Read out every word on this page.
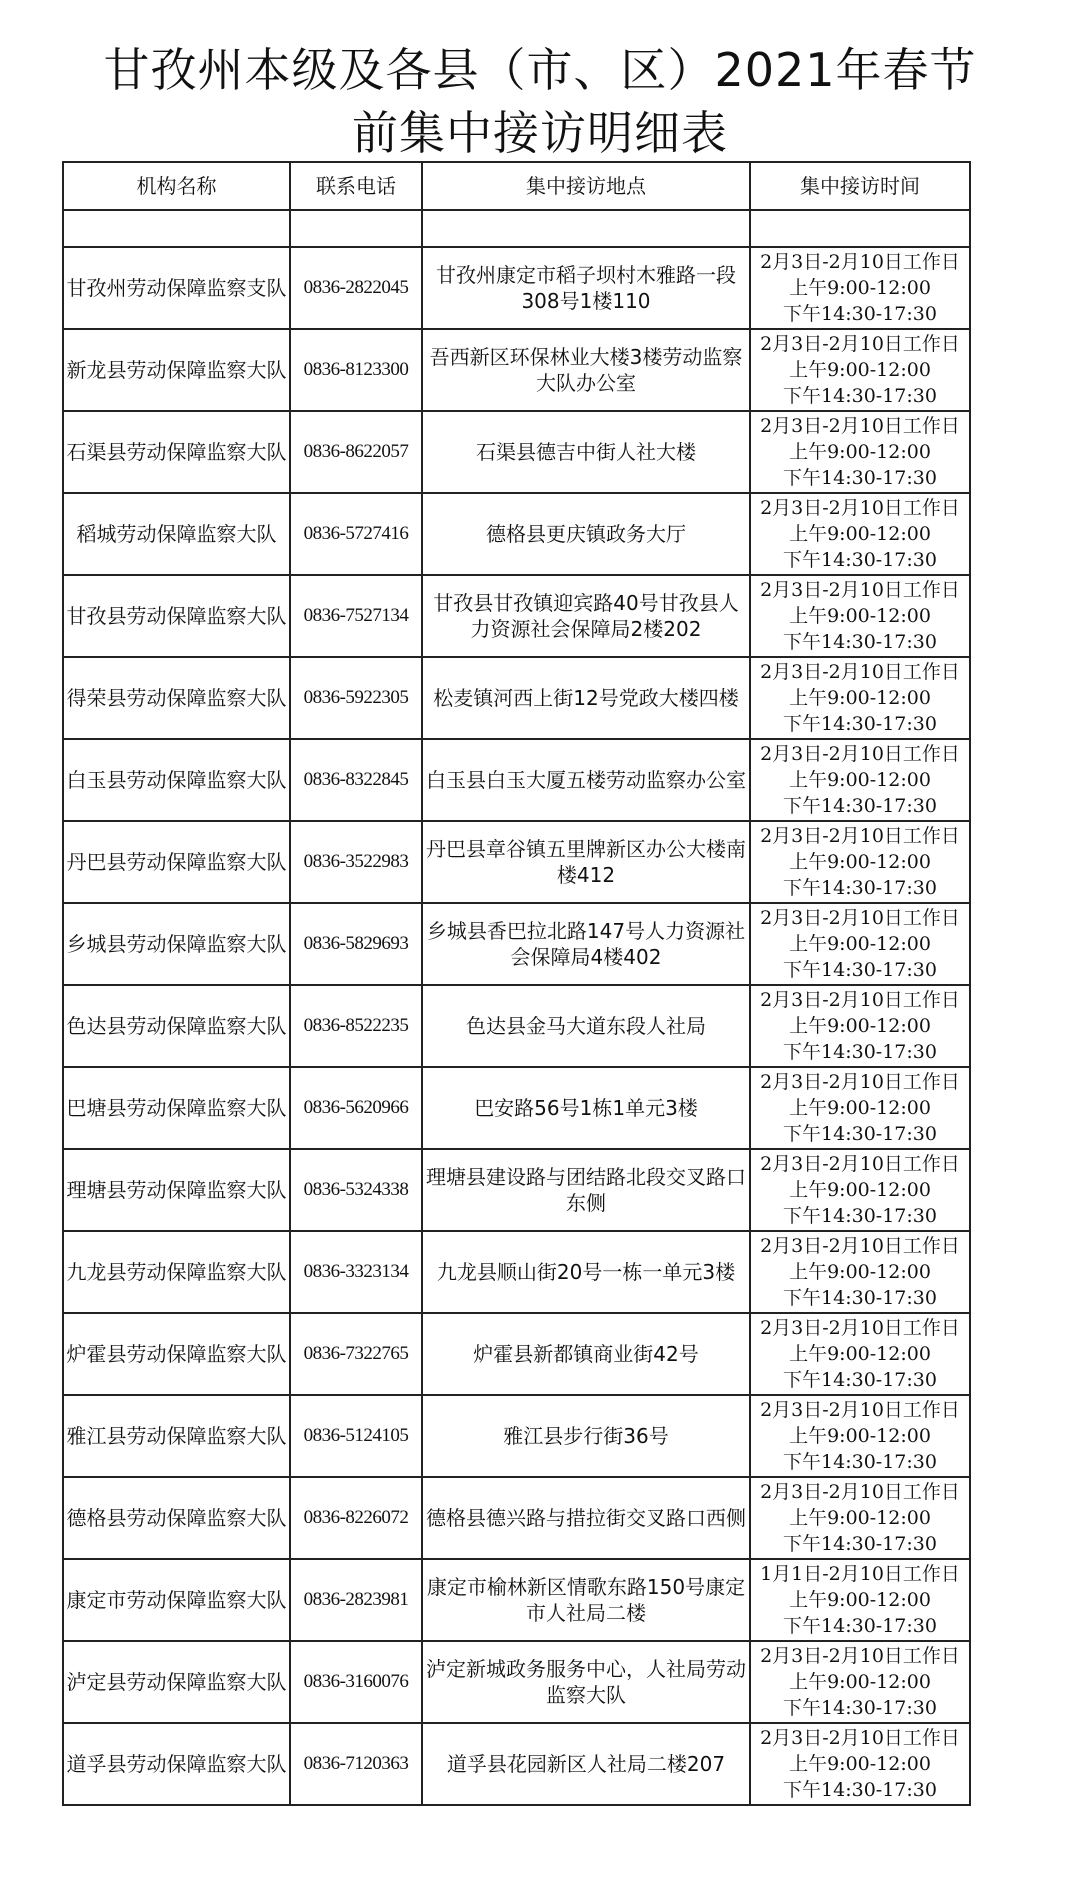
甘孜州本级及各县（市、区）2021年春节
前集中接访明细表
机构名称	联系电话	集中接访地点	集中接访时间

甘孜州劳动保障监察支队	0836-2822045	甘孜州康定市稻子坝村木雅路一段308号1楼110	2月3日-2月10日工作日
上午9:00-12:00
下午14:30-17:30

新龙县劳动保障监察大队	0836-8123300	吾西新区环保林业大楼3楼劳动监察大队办公室	2月3日-2月10日工作日
上午9:00-12:00
下午14:30-17:30

石渠县劳动保障监察大队	0836-8622057	石渠县德吉中街人社大楼	2月3日-2月10日工作日
上午9:00-12:00
下午14:30-17:30

稻城劳动保障监察大队	0836-5727416	德格县更庆镇政务大厅	2月3日-2月10日工作日
上午9:00-12:00
下午14:30-17:30

甘孜县劳动保障监察大队	0836-7527134	甘孜县甘孜镇迎宾路40号甘孜县人力资源社会保障局2楼202	2月3日-2月10日工作日
上午9:00-12:00
下午14:30-17:30

得荣县劳动保障监察大队	0836-5922305	松麦镇河西上街12号党政大楼四楼	2月3日-2月10日工作日
上午9:00-12:00
下午14:30-17:30

白玉县劳动保障监察大队	0836-8322845	白玉县白玉大厦五楼劳动监察办公室	2月3日-2月10日工作日
上午9:00-12:00
下午14:30-17:30

丹巴县劳动保障监察大队	0836-3522983	丹巴县章谷镇五里牌新区办公大楼南楼412	2月3日-2月10日工作日
上午9:00-12:00
下午14:30-17:30

乡城县劳动保障监察大队	0836-5829693	乡城县香巴拉北路147号人力资源社会保障局4楼402	2月3日-2月10日工作日
上午9:00-12:00
下午14:30-17:30

色达县劳动保障监察大队	0836-8522235	色达县金马大道东段人社局	2月3日-2月10日工作日
上午9:00-12:00
下午14:30-17:30

巴塘县劳动保障监察大队	0836-5620966	巴安路56号1栋1单元3楼	2月3日-2月10日工作日
上午9:00-12:00
下午14:30-17:30

理塘县劳动保障监察大队	0836-5324338	理塘县建设路与团结路北段交叉路口东侧	2月3日-2月10日工作日
上午9:00-12:00
下午14:30-17:30

九龙县劳动保障监察大队	0836-3323134	九龙县顺山街20号一栋一单元3楼	2月3日-2月10日工作日
上午9:00-12:00
下午14:30-17:30

炉霍县劳动保障监察大队	0836-7322765	炉霍县新都镇商业街42号	2月3日-2月10日工作日
上午9:00-12:00
下午14:30-17:30

雅江县劳动保障监察大队	0836-5124105	雅江县步行街36号	2月3日-2月10日工作日
上午9:00-12:00
下午14:30-17:30

德格县劳动保障监察大队	0836-8226072	德格县德兴路与措拉街交叉路口西侧	2月3日-2月10日工作日
上午9:00-12:00
下午14:30-17:30

康定市劳动保障监察大队	0836-2823981	康定市榆林新区情歌东路150号康定市人社局二楼	1月1日-2月10日工作日
上午9:00-12:00
下午14:30-17:30

泸定县劳动保障监察大队	0836-3160076	泸定新城政务服务中心，人社局劳动监察大队	2月3日-2月10日工作日
上午9:00-12:00
下午14:30-17:30

道孚县劳动保障监察大队	0836-7120363	道孚县花园新区人社局二楼207	2月3日-2月10日工作日
上午9:00-12:00
下午14:30-17:30
